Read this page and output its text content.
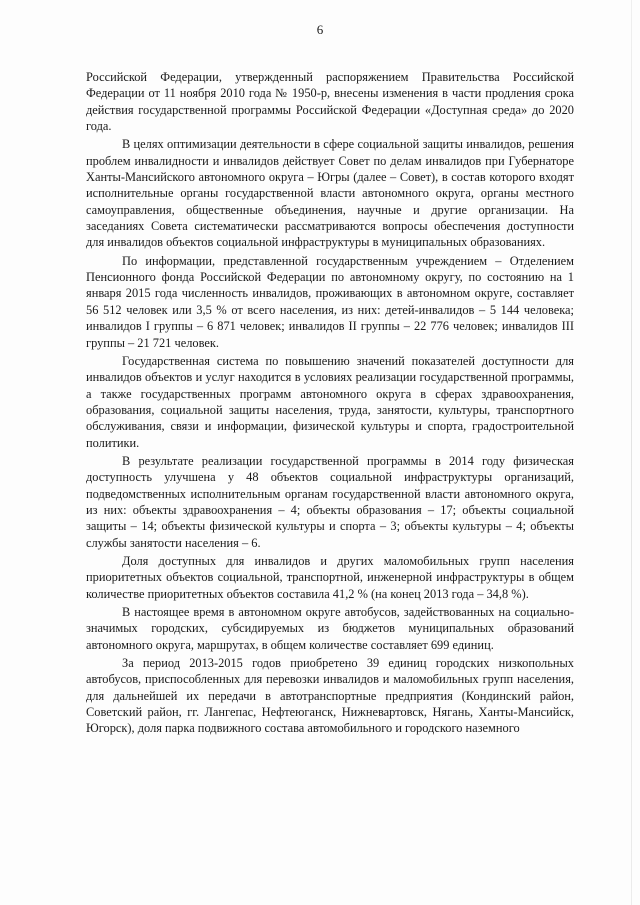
6

Российской Федерации, утвержденный распоряжением Правительства Российской Федерации от 11 ноября 2010 года № 1950-р, внесены изменения в части продления срока действия государственной программы Российской Федерации «Доступная среда» до 2020 года.

В целях оптимизации деятельности в сфере социальной защиты инвалидов, решения проблем инвалидности и инвалидов действует Совет по делам инвалидов при Губернаторе Ханты-Мансийского автономного округа – Югры (далее – Совет), в состав которого входят исполнительные органы государственной власти автономного округа, органы местного самоуправления, общественные объединения, научные и другие организации. На заседаниях Совета систематически рассматриваются вопросы обеспечения доступности для инвалидов объектов социальной инфраструктуры в муниципальных образованиях.

По информации, представленной государственным учреждением – Отделением Пенсионного фонда Российской Федерации по автономному округу, по состоянию на 1 января 2015 года численность инвалидов, проживающих в автономном округе, составляет 56 512 человек или 3,5 % от всего населения, из них: детей-инвалидов – 5 144 человека; инвалидов I группы – 6 871 человек; инвалидов II группы – 22 776 человек; инвалидов III группы – 21 721 человек.

Государственная система по повышению значений показателей доступности для инвалидов объектов и услуг находится в условиях реализации государственной программы, а также государственных программ автономного округа в сферах здравоохранения, образования, социальной защиты населения, труда, занятости, культуры, транспортного обслуживания, связи и информации, физической культуры и спорта, градостроительной политики.

В результате реализации государственной программы в 2014 году физическая доступность улучшена у 48 объектов социальной инфраструктуры организаций, подведомственных исполнительным органам государственной власти автономного округа, из них: объекты здравоохранения – 4; объекты образования – 17; объекты социальной защиты – 14; объекты физической культуры и спорта – 3; объекты культуры – 4; объекты службы занятости населения – 6.

Доля доступных для инвалидов и других маломобильных групп населения приоритетных объектов социальной, транспортной, инженерной инфраструктуры в общем количестве приоритетных объектов составила 41,2 % (на конец 2013 года – 34,8 %).

В настоящее время в автономном округе автобусов, задействованных на социально-значимых городских, субсидируемых из бюджетов муниципальных образований автономного округа, маршрутах, в общем количестве составляет 699 единиц.

За период 2013-2015 годов приобретено 39 единиц городских низкопольных автобусов, приспособленных для перевозки инвалидов и маломобильных групп населения, для дальнейшей их передачи в автотранспортные предприятия (Кондинский район, Советский район, гг. Лангепас, Нефтеюганск, Нижневартовск, Нягань, Ханты-Мансийск, Югорск), доля парка подвижного состава автомобильного и городского наземного
